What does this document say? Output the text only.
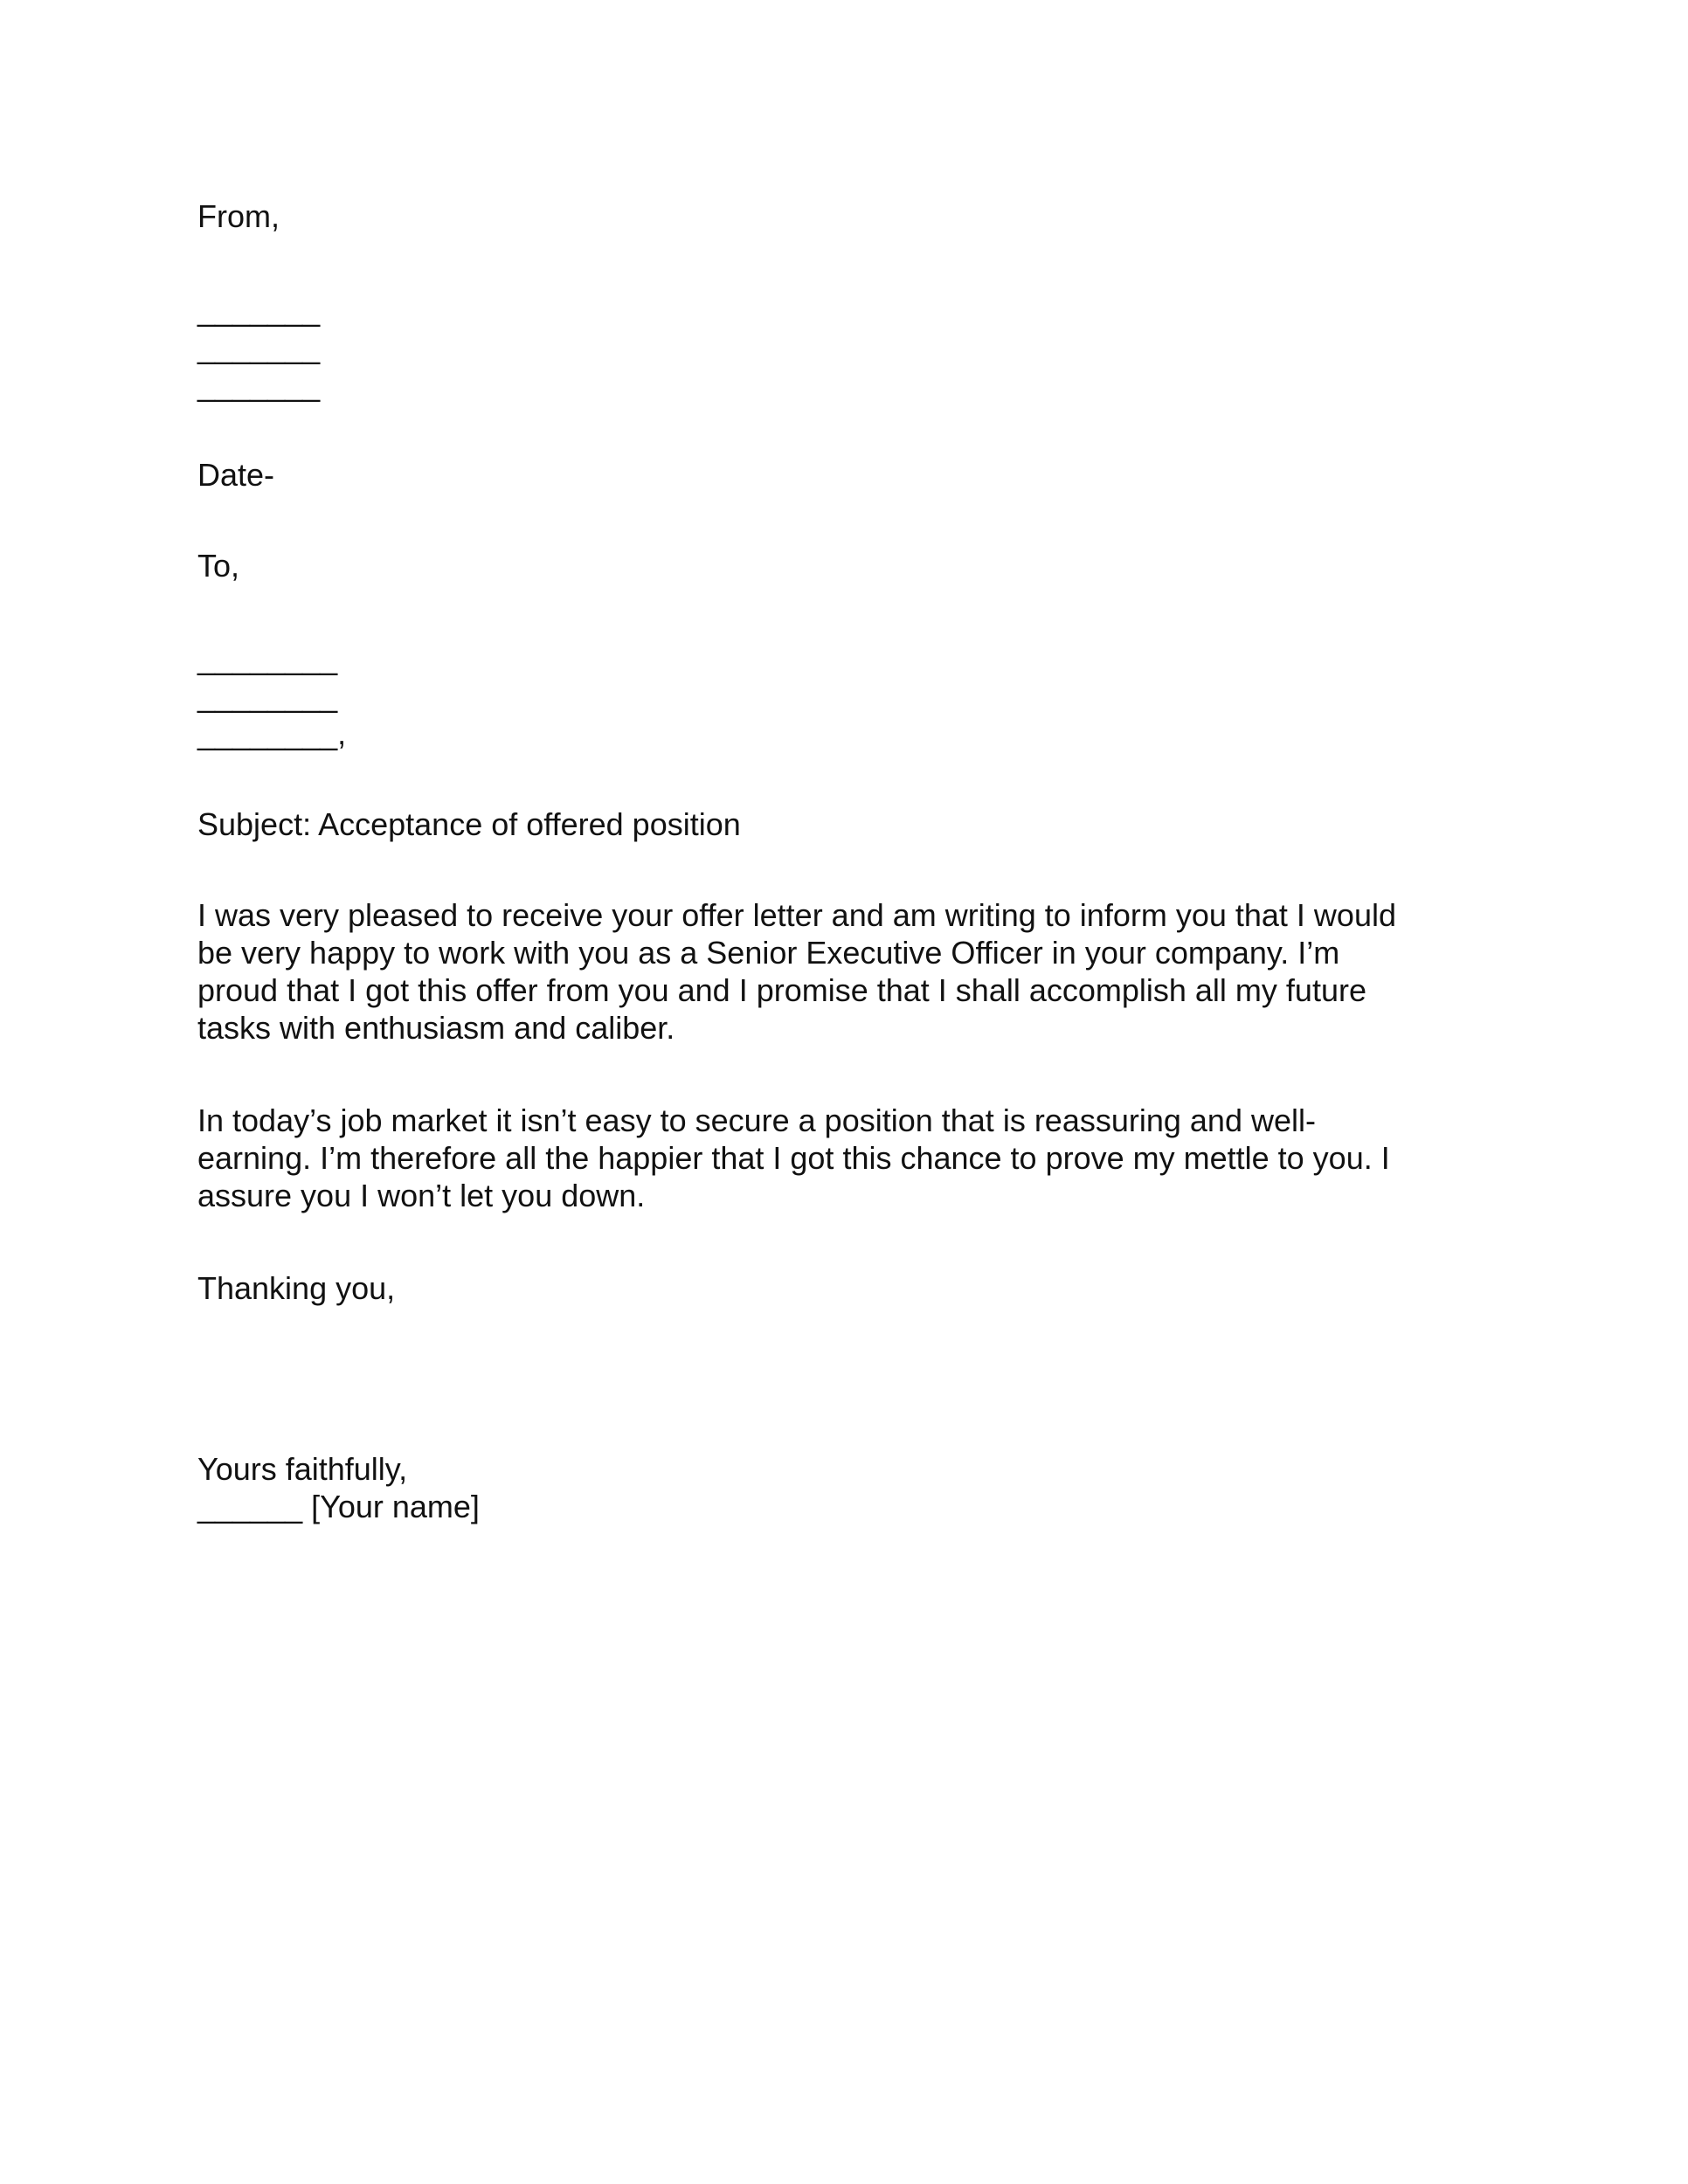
From,
_______
_______
_______
Date-
To,
________
________
________,
Subject: Acceptance of offered position
I was very pleased to receive your offer letter and am writing to inform you that I would
be very happy to work with you as a Senior Executive Officer in your company. I’m
proud that I got this offer from you and I promise that I shall accomplish all my future
tasks with enthusiasm and caliber.
In today’s job market it isn’t easy to secure a position that is reassuring and well-
earning. I’m therefore all the happier that I got this chance to prove my mettle to you. I
assure you I won’t let you down.
Thanking you,
Yours faithfully,
______ [Your name]
